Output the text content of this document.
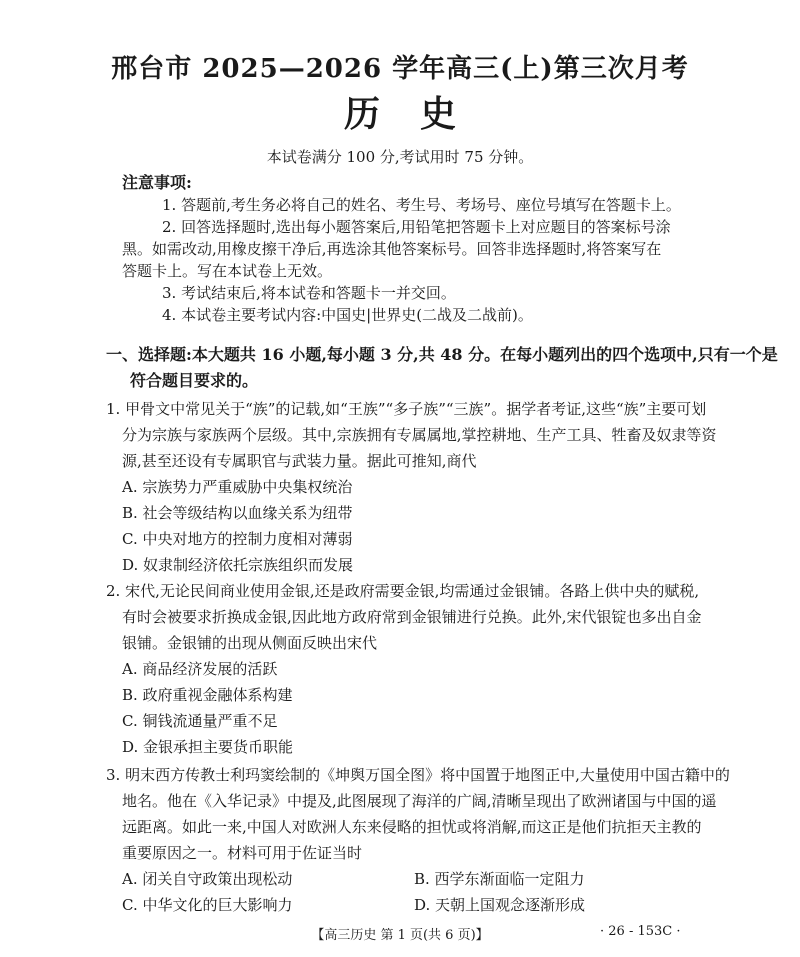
邢台市 2025—2026 学年高三(上)第三次月考
历史
本试卷满分 100 分,考试用时 75 分钟。
注意事项:
1. 答题前,考生务必将自己的姓名、考生号、考场号、座位号填写在答题卡上。
2. 回答选择题时,选出每小题答案后,用铅笔把答题卡上对应题目的答案标号涂
黑。如需改动,用橡皮擦干净后,再选涂其他答案标号。回答非选择题时,将答案写在
答题卡上。写在本试卷上无效。
3. 考试结束后,将本试卷和答题卡一并交回。
4. 本试卷主要考试内容:中国史|世界史(二战及二战前)。
一、选择题:本大题共 16 小题,每小题 3 分,共 48 分。在每小题列出的四个选项中,只有一个是
符合题目要求的。
1. 甲骨文中常见关于“族”的记载,如“王族”“多子族”“三族”。据学者考证,这些“族”主要可划
分为宗族与家族两个层级。其中,宗族拥有专属属地,掌控耕地、生产工具、牲畜及奴隶等资
源,甚至还设有专属职官与武装力量。据此可推知,商代
A. 宗族势力严重威胁中央集权统治
B. 社会等级结构以血缘关系为纽带
C. 中央对地方的控制力度相对薄弱
D. 奴隶制经济依托宗族组织而发展
2. 宋代,无论民间商业使用金银,还是政府需要金银,均需通过金银铺。各路上供中央的赋税,
有时会被要求折换成金银,因此地方政府常到金银铺进行兑换。此外,宋代银锭也多出自金
银铺。金银铺的出现从侧面反映出宋代
A. 商品经济发展的活跃
B. 政府重视金融体系构建
C. 铜钱流通量严重不足
D. 金银承担主要货币职能
3. 明末西方传教士利玛窦绘制的《坤舆万国全图》将中国置于地图正中,大量使用中国古籍中的
地名。他在《入华记录》中提及,此图展现了海洋的广阔,清晰呈现出了欧洲诸国与中国的遥
远距离。如此一来,中国人对欧洲人东来侵略的担忧或将消解,而这正是他们抗拒天主教的
重要原因之一。材料可用于佐证当时
A. 闭关自守政策出现松动	B. 西学东渐面临一定阻力
C. 中华文化的巨大影响力	D. 天朝上国观念逐渐形成
【高三历史 第 1 页(共 6 页)】	· 26 - 153C ·
